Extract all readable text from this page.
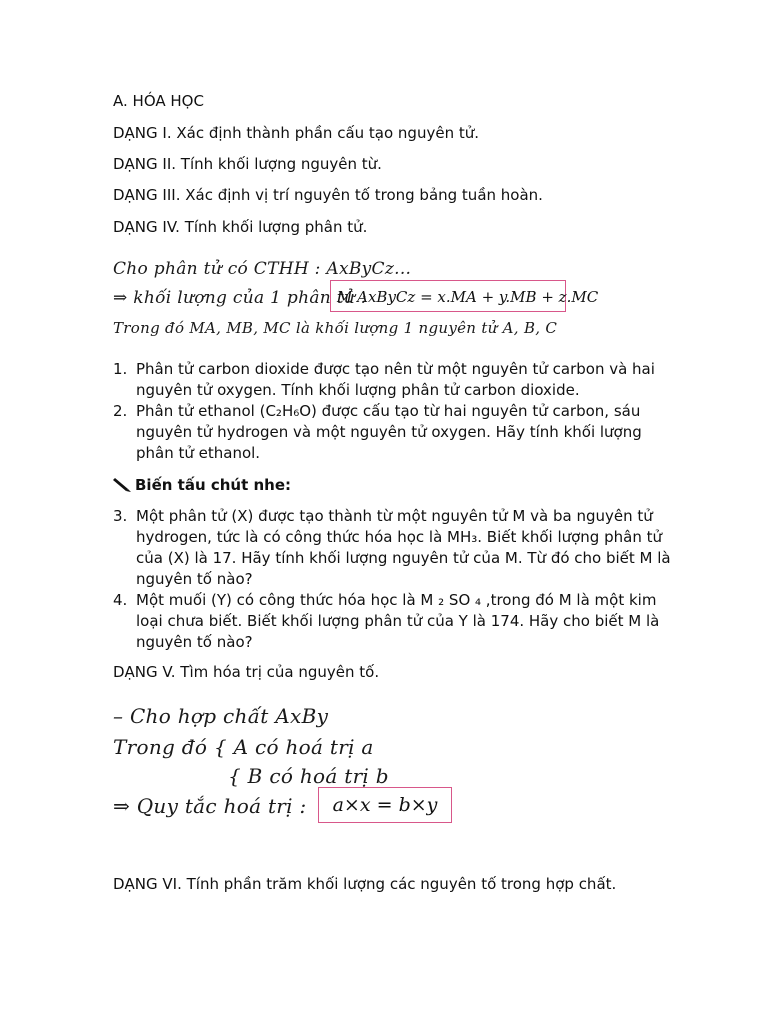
A. HÓA HỌC
DẠNG I. Xác định thành phần cấu tạo nguyên tử.
DẠNG II. Tính khối lượng nguyên từ.
DẠNG III. Xác định vị trí nguyên tố trong bảng tuần hoàn.
DẠNG IV. Tính khối lượng phân tử.
Cho phân tử có CTHH : AxByCz...
⇒ khối lượng của 1 phân tử :
M AxByCz = x.MA + y.MB + z.MC
Trong đó MA, MB, MC là khối lượng 1 nguyên tử A, B, C
1. Phân tử carbon dioxide được tạo nên từ một nguyên tử carbon và hai nguyên tử oxygen. Tính khối lượng phân tử carbon dioxide.
2. Phân tử ethanol (C₂H₆O) được cấu tạo từ hai nguyên tử carbon, sáu nguyên tử hydrogen và một nguyên tử oxygen. Hãy tính khối lượng phân tử ethanol.
Biến tấu chút nhe:
3. Một phân tử (X) được tạo thành từ một nguyên tử M và ba nguyên tử hydrogen, tức là có công thức hóa học là MH₃. Biết khối lượng phân tử của (X) là 17. Hãy tính khối lượng nguyên tử của M. Từ đó cho biết M là nguyên tố nào?
4. Một muối (Y) có công thức hóa học là M ₂ SO ₄ ,trong đó M là một kim loại chưa biết. Biết khối lượng phân tử của Y là 174. Hãy cho biết M là nguyên tố nào?
DẠNG V. Tìm hóa trị của nguyên tố.
– Cho hợp chất AxBy
Trong đó { A có hoá trị a
{ B có hoá trị b
⇒ Quy tắc hoá trị :	a×x = b×y
DẠNG VI. Tính phần trăm khối lượng các nguyên tố trong hợp chất.
